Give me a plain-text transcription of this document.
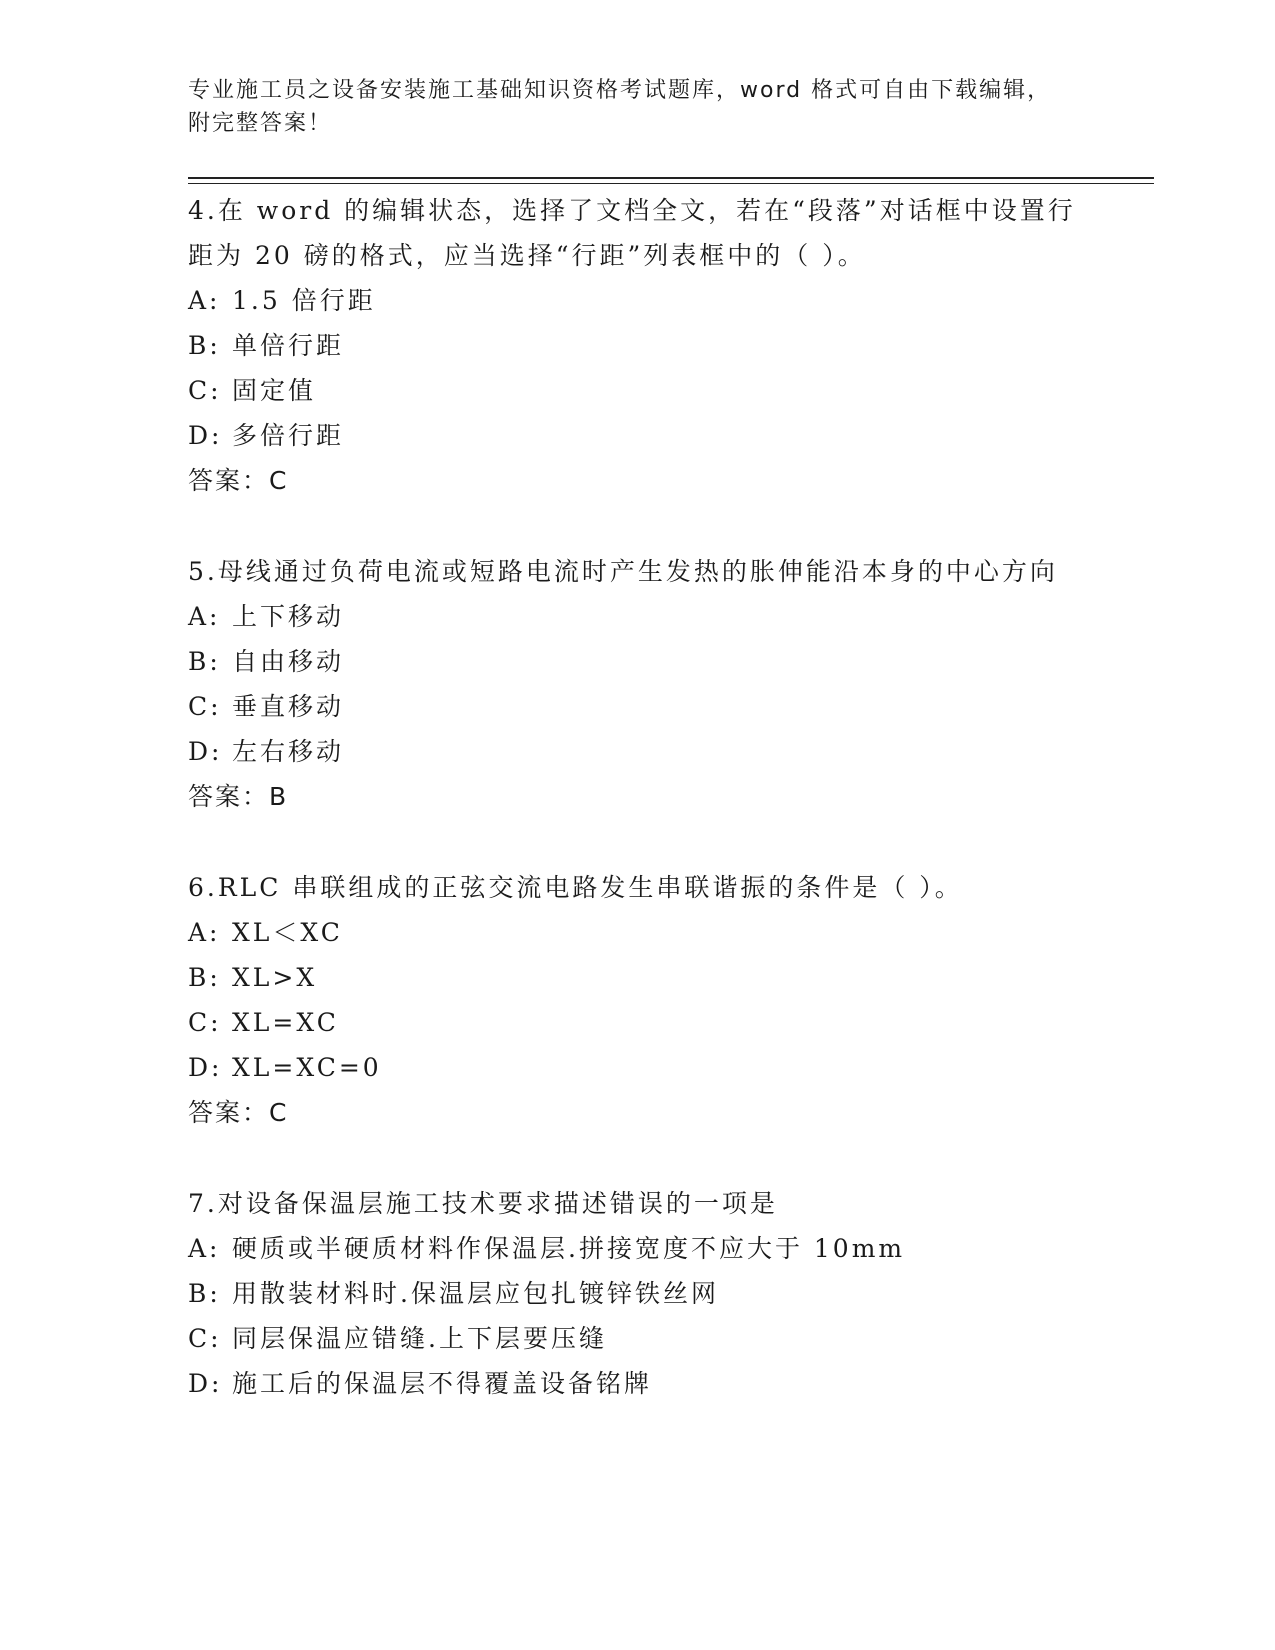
专业施工员之设备安装施工基础知识资格考试题库，word 格式可自由下载编辑，
附完整答案！
4.在 word 的编辑状态，选择了文档全文，若在“段落”对话框中设置行距为 20 磅的格式，应当选择“行距”列表框中的（ ）。
A: 1.5 倍行距
B: 单倍行距
C: 固定值
D: 多倍行距
答案：C
5.母线通过负荷电流或短路电流时产生发热的胀伸能沿本身的中心方向
A: 上下移动
B: 自由移动
C: 垂直移动
D: 左右移动
答案：B
6.RLC 串联组成的正弦交流电路发生串联谐振的条件是（ ）。
A: XL＜XC
B: XL>X
C: XL=XC
D: XL=XC=0
答案：C
7.对设备保温层施工技术要求描述错误的一项是
A: 硬质或半硬质材料作保温层.拼接宽度不应大于 10mm
B: 用散装材料时.保温层应包扎镀锌铁丝网
C: 同层保温应错缝.上下层要压缝
D: 施工后的保温层不得覆盖设备铭牌
